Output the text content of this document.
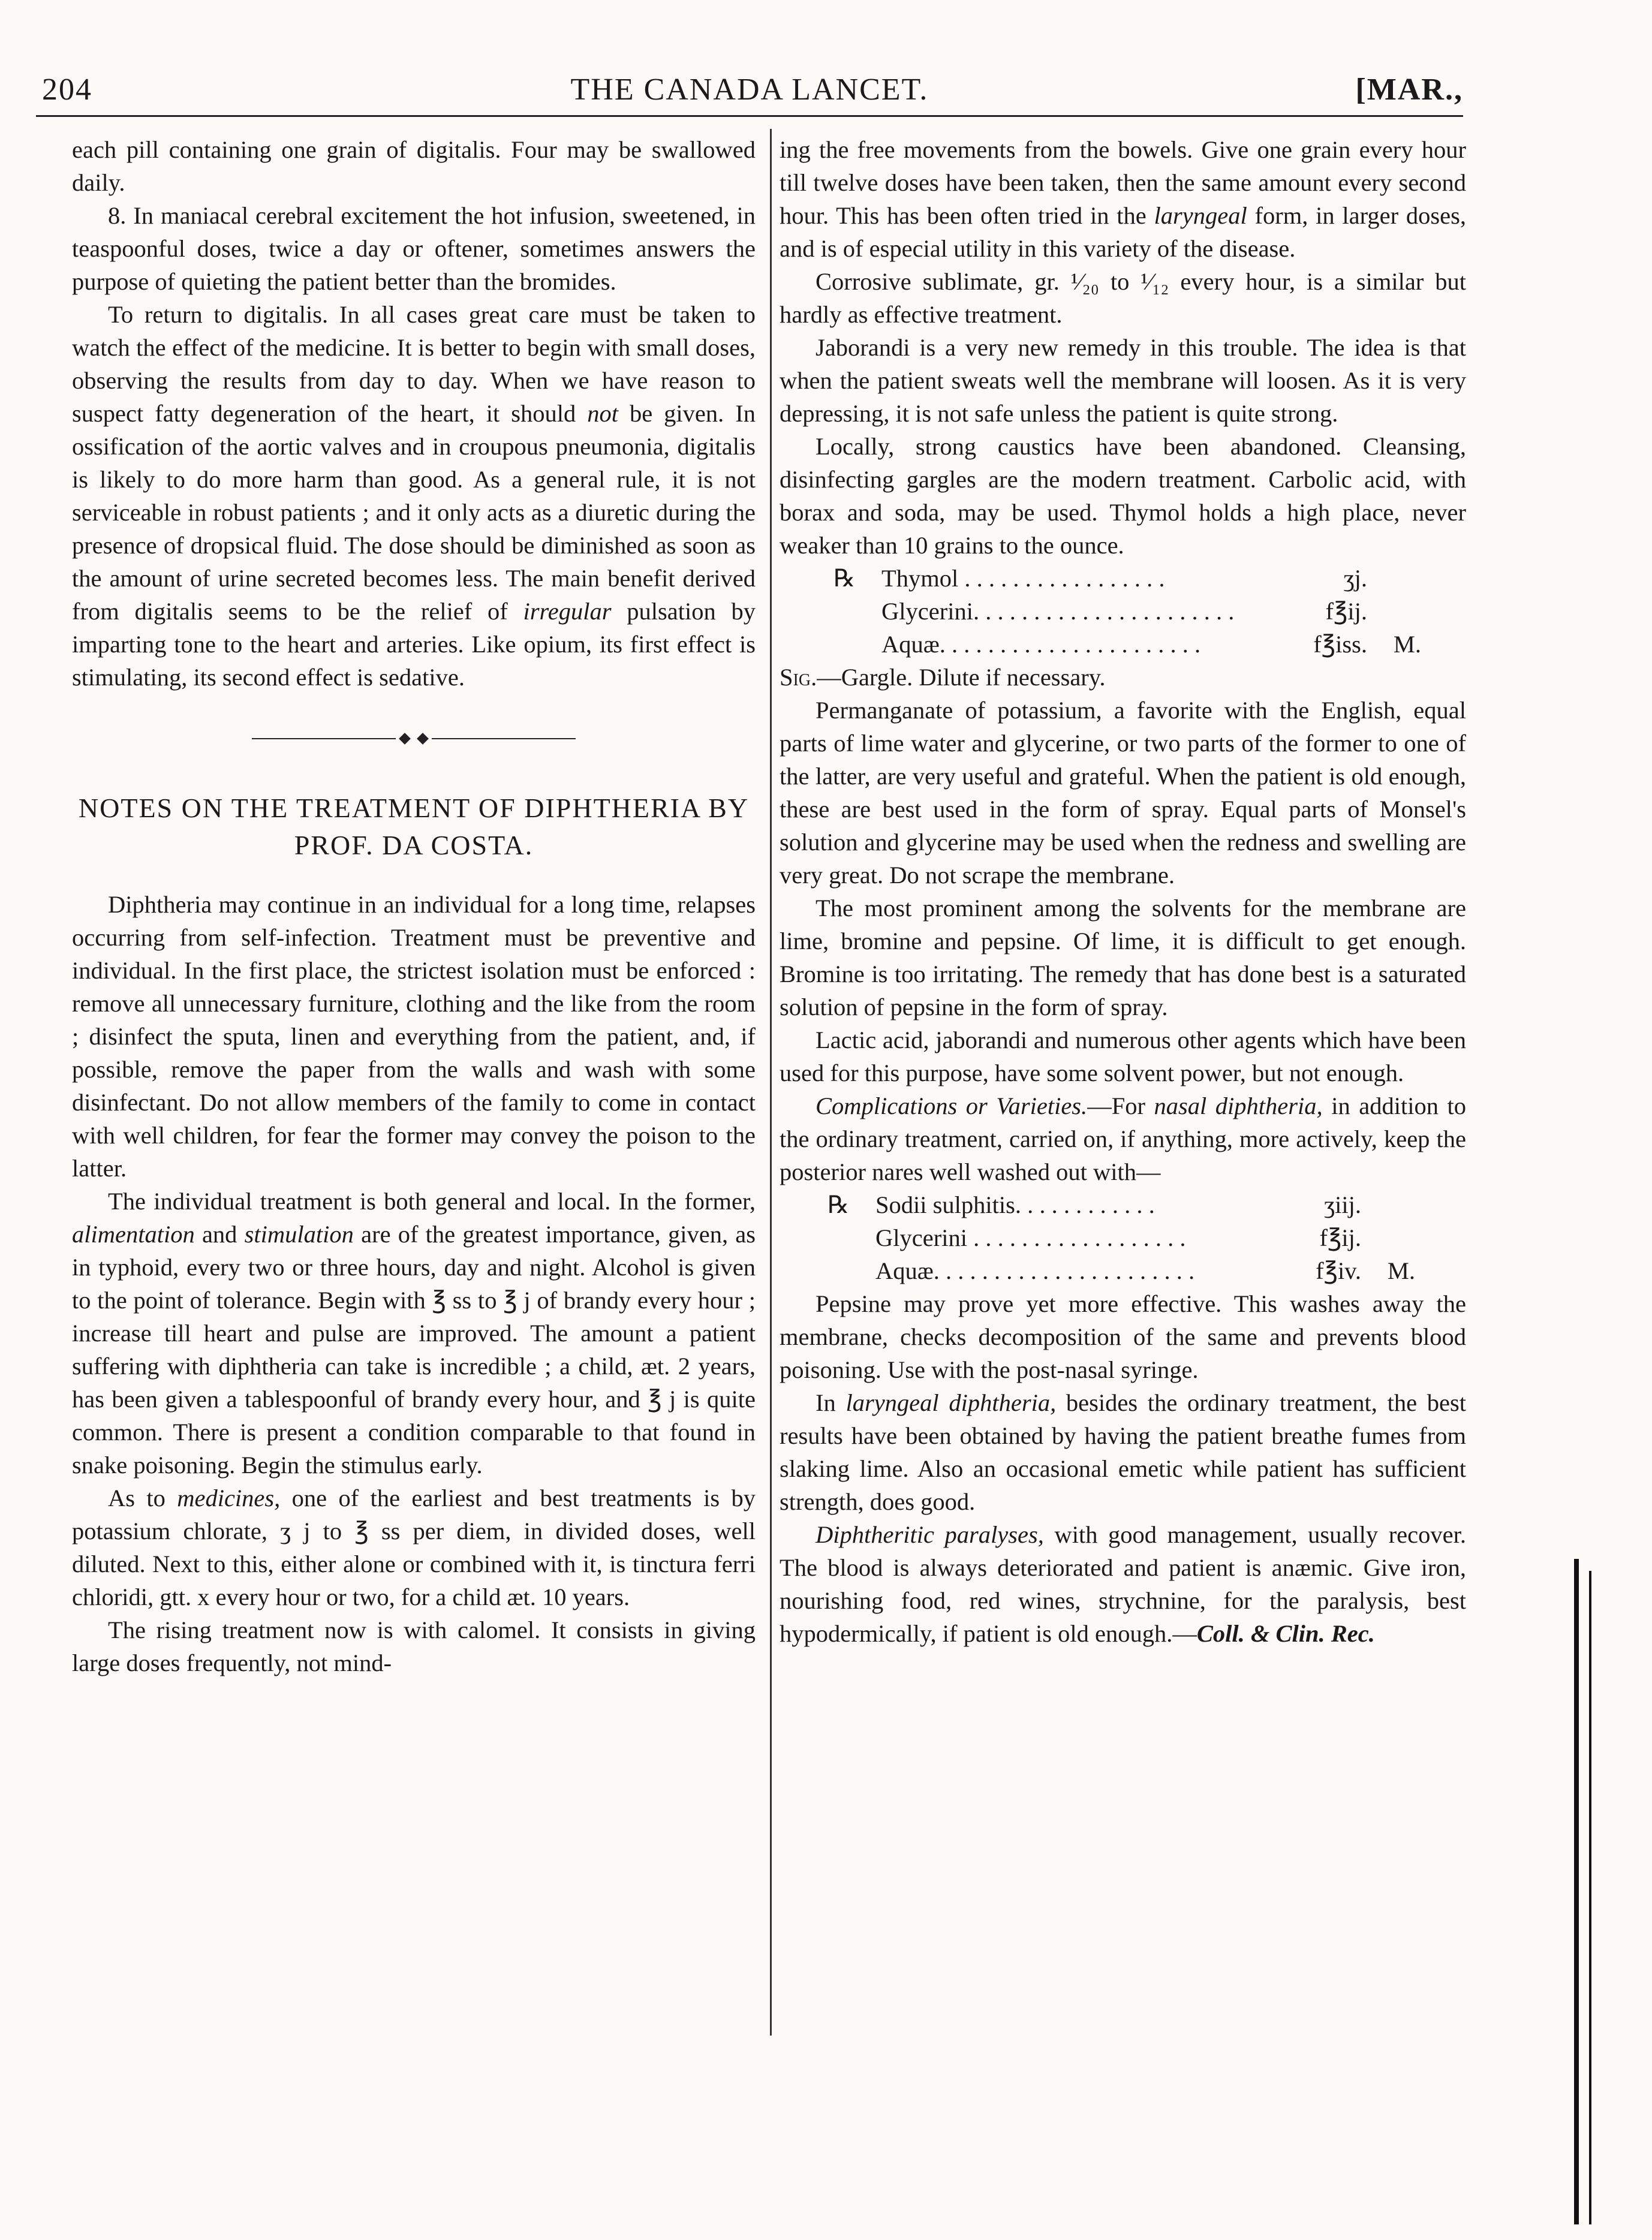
204	THE CANADA LANCET.	[MAR.,

each pill containing one grain of digitalis. Four may be swallowed daily.

8. In maniacal cerebral excitement the hot infusion, sweetened, in teaspoonful doses, twice a day or oftener, sometimes answers the purpose of quieting the patient better than the bromides.

To return to digitalis. In all cases great care must be taken to watch the effect of the medicine. It is better to begin with small doses, observing the results from day to day. When we have reason to suspect fatty degeneration of the heart, it should not be given. In ossification of the aortic valves and in croupous pneumonia, digitalis is likely to do more harm than good. As a general rule, it is not serviceable in robust patients ; and it only acts as a diuretic during the presence of dropsical fluid. The dose should be diminished as soon as the amount of urine secreted becomes less. The main benefit derived from digitalis seems to be the relief of irregular pulsation by imparting tone to the heart and arteries. Like opium, its first effect is stimulating, its second effect is sedative.

NOTES ON THE TREATMENT OF DIPHTHERIA BY PROF. DA COSTA.

Diphtheria may continue in an individual for a long time, relapses occurring from self-infection. Treatment must be preventive and individual. In the first place, the strictest isolation must be enforced : remove all unnecessary furniture, clothing and the like from the room ; disinfect the sputa, linen and everything from the patient, and, if possible, remove the paper from the walls and wash with some disinfectant. Do not allow members of the family to come in contact with well children, for fear the former may convey the poison to the latter.

The individual treatment is both general and local. In the former, alimentation and stimulation are of the greatest importance, given, as in typhoid, every two or three hours, day and night. Alcohol is given to the point of tolerance. Begin with ℥ ss to ℥ j of brandy every hour ; increase till heart and pulse are improved. The amount a patient suffering with diphtheria can take is incredible ; a child, æt. 2 years, has been given a tablespoonful of brandy every hour, and ℥ j is quite common. There is present a condition comparable to that found in snake poisoning. Begin the stimulus early.

As to medicines, one of the earliest and best treatments is by potassium chlorate, ʒ j to ℥ ss per diem, in divided doses, well diluted. Next to this, either alone or combined with it, is tinctura ferri chloridi, gtt. x every hour or two, for a child æt. 10 years.

The rising treatment now is with calomel. It consists in giving large doses frequently, not mind-

ing the free movements from the bowels. Give one grain every hour till twelve doses have been taken, then the same amount every second hour. This has been often tried in the laryngeal form, in larger doses, and is of especial utility in this variety of the disease.

Corrosive sublimate, gr. ¹⁄₂₀ to ¹⁄₁₂ every hour, is a similar but hardly as effective treatment.

Jaborandi is a very new remedy in this trouble. The idea is that when the patient sweats well the membrane will loosen. As it is very depressing, it is not safe unless the patient is quite strong.

Locally, strong caustics have been abandoned. Cleansing, disinfecting gargles are the modern treatment. Carbolic acid, with borax and soda, may be used. Thymol holds a high place, never weaker than 10 grains to the ounce.

℞	Thymol . . . . . . . . . . . . . . . . .	ʒj.
Glycerini. . . . . . . . . . . . . . . . . . . . . .	f℥ij.
Aquæ. . . . . . . . . . . . . . . . . . . . . .	f℥iss.	M.

Sig.—Gargle. Dilute if necessary.

Permanganate of potassium, a favorite with the English, equal parts of lime water and glycerine, or two parts of the former to one of the latter, are very useful and grateful. When the patient is old enough, these are best used in the form of spray. Equal parts of Monsel's solution and glycerine may be used when the redness and swelling are very great. Do not scrape the membrane.

The most prominent among the solvents for the membrane are lime, bromine and pepsine. Of lime, it is difficult to get enough. Bromine is too irritating. The remedy that has done best is a saturated solution of pepsine in the form of spray.

Lactic acid, jaborandi and numerous other agents which have been used for this purpose, have some solvent power, but not enough.

Complications or Varieties.—For nasal diphtheria, in addition to the ordinary treatment, carried on, if anything, more actively, keep the posterior nares well washed out with—

℞	Sodii sulphitis. . . . . . . . . . . .	ʒiij.
Glycerini . . . . . . . . . . . . . . . . . .	f℥ij.
Aquæ. . . . . . . . . . . . . . . . . . . . . .	f℥iv.	M.

Pepsine may prove yet more effective. This washes away the membrane, checks decomposition of the same and prevents blood poisoning. Use with the post-nasal syringe.

In laryngeal diphtheria, besides the ordinary treatment, the best results have been obtained by having the patient breathe fumes from slaking lime. Also an occasional emetic while patient has sufficient strength, does good.

Diphtheritic paralyses, with good management, usually recover. The blood is always deteriorated and patient is anæmic. Give iron, nourishing food, red wines, strychnine, for the paralysis, best hypodermically, if patient is old enough.—Coll. & Clin. Rec.
